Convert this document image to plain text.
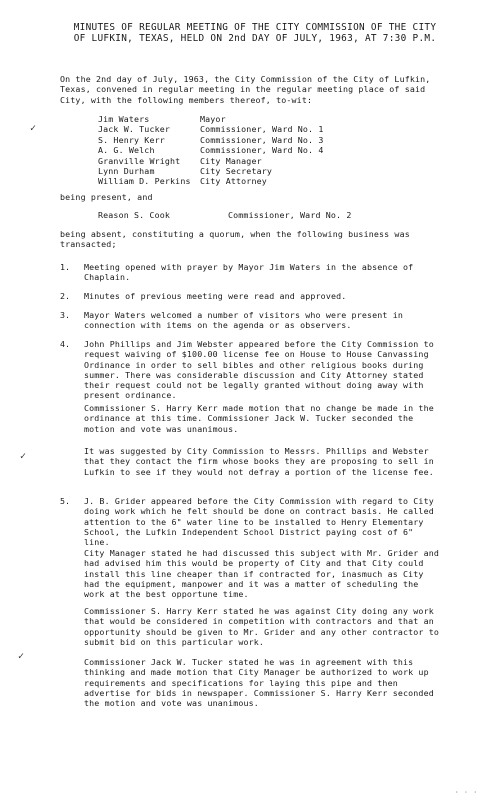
MINUTES OF REGULAR MEETING OF THE CITY COMMISSION OF THE CITY
OF LUFKIN, TEXAS, HELD ON 2nd DAY OF JULY, 1963, AT 7:30 P.M.
On the 2nd day of July, 1963, the City Commission of the City of Lufkin, Texas, convened in regular meeting in the regular meeting place of said City, with the following members thereof, to-wit:
Jim Waters	Mayor
Jack W. Tucker	Commissioner, Ward No. 1
S. Henry Kerr	Commissioner, Ward No. 3
A. G. Welch	Commissioner, Ward No. 4
Granville Wright City Manager
Lynn Durham	City Secretary
William D. Perkins City Attorney
being present, and
Reason S. Cook	Commissioner, Ward No. 2
being absent, constituting a quorum, when the following business was transacted;
1. Meeting opened with prayer by Mayor Jim Waters in the absence of Chaplain.
2. Minutes of previous meeting were read and approved.
3. Mayor Waters welcomed a number of visitors who were present in connection with items on the agenda or as observers.
4. John Phillips and Jim Webster appeared before the City Commission to request waiving of $100.00 license fee on House to House Canvassing Ordinance in order to sell bibles and other religious books during summer. There was considerable discussion and City Attorney stated their request could not be legally granted without doing away with present ordinance.
Commissioner S. Harry Kerr made motion that no change be made in the ordinance at this time. Commissioner Jack W. Tucker seconded the motion and vote was unanimous.
It was suggested by City Commission to Messrs. Phillips and Webster that they contact the firm whose books they are proposing to sell in Lufkin to see if they would not defray a portion of the license fee.
5. J. B. Grider appeared before the City Commission with regard to City doing work which he felt should be done on contract basis. He called attention to the 6" water line to be installed to Henry Elementary School, the Lufkin Independent School District paying cost of 6" line.
City Manager stated he had discussed this subject with Mr. Grider and had advised him this would be property of City and that City could install this line cheaper than if contracted for, inasmuch as City had the equipment, manpower and it was a matter of scheduling the work at the best opportune time.
Commissioner S. Harry Kerr stated he was against City doing any work that would be considered in competition with contractors and that an opportunity should be given to Mr. Grider and any other contractor to submit bid on this particular work.
Commissioner Jack W. Tucker stated he was in agreement with this thinking and made motion that City Manager be authorized to work up requirements and specifications for laying this pipe and then advertise for bids in newspaper. Commissioner S. Harry Kerr seconded the motion and vote was unanimous.
✓
✓
✓
· · ·
